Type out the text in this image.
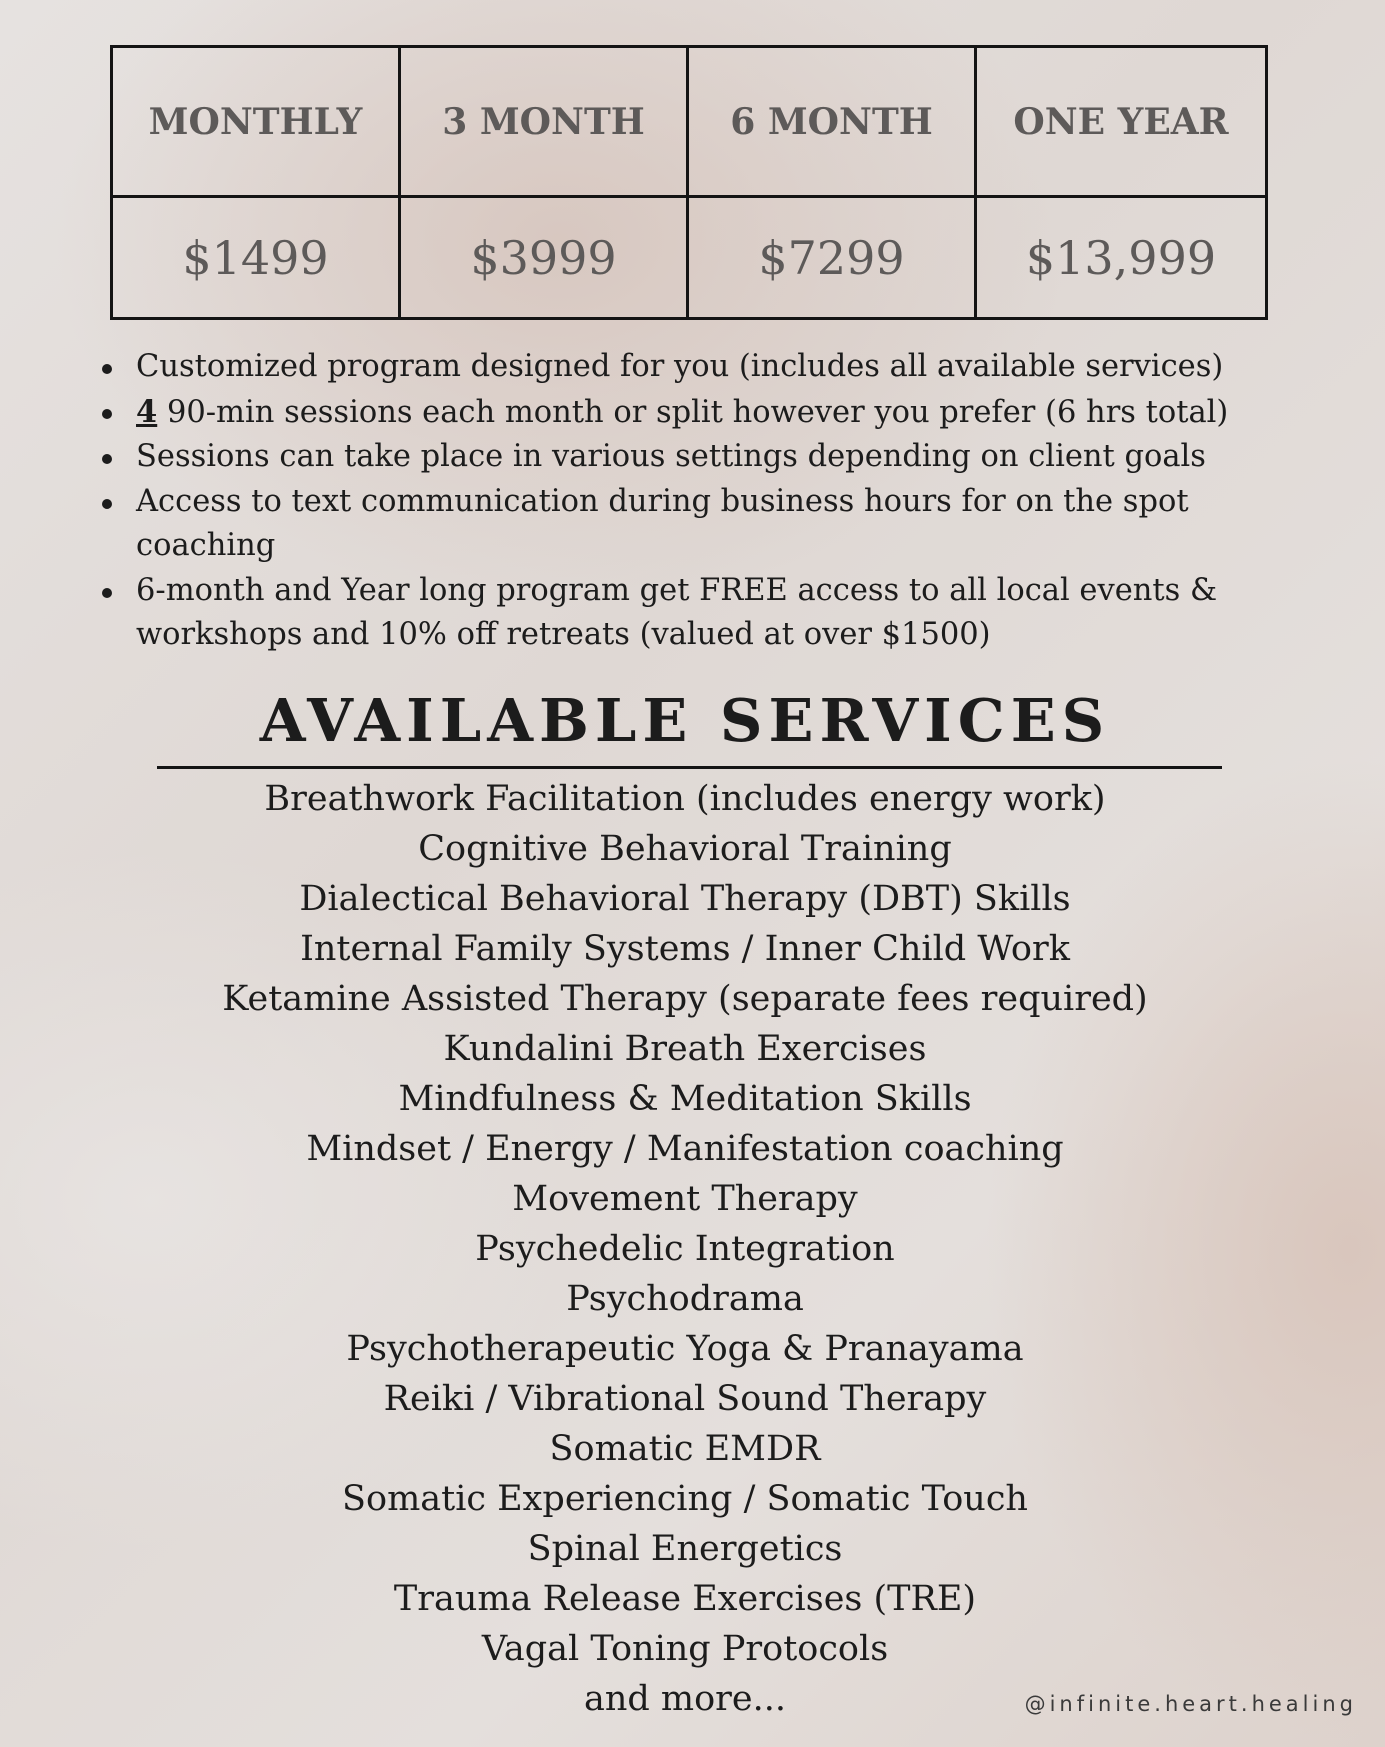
MONTHLY	3 MONTH	6 MONTH	ONE YEAR
$1499	$3999	$7299	$13,999
Customized program designed for you (includes all available services)
4 90-min sessions each month or split however you prefer (6 hrs total)
Sessions can take place in various settings depending on client goals
Access to text communication during business hours for on the spot coaching
6-month and Year long program get FREE access to all local events & workshops and 10% off retreats (valued at over $1500)
AVAILABLE SERVICES
Breathwork Facilitation (includes energy work)
Cognitive Behavioral Training
Dialectical Behavioral Therapy (DBT) Skills
Internal Family Systems / Inner Child Work
Ketamine Assisted Therapy (separate fees required)
Kundalini Breath Exercises
Mindfulness & Meditation Skills
Mindset / Energy / Manifestation coaching
Movement Therapy
Psychedelic Integration
Psychodrama
Psychotherapeutic Yoga & Pranayama
Reiki / Vibrational Sound Therapy
Somatic EMDR
Somatic Experiencing / Somatic Touch
Spinal Energetics
Trauma Release Exercises (TRE)
Vagal Toning Protocols
and more...	@infinite.heart.healing
